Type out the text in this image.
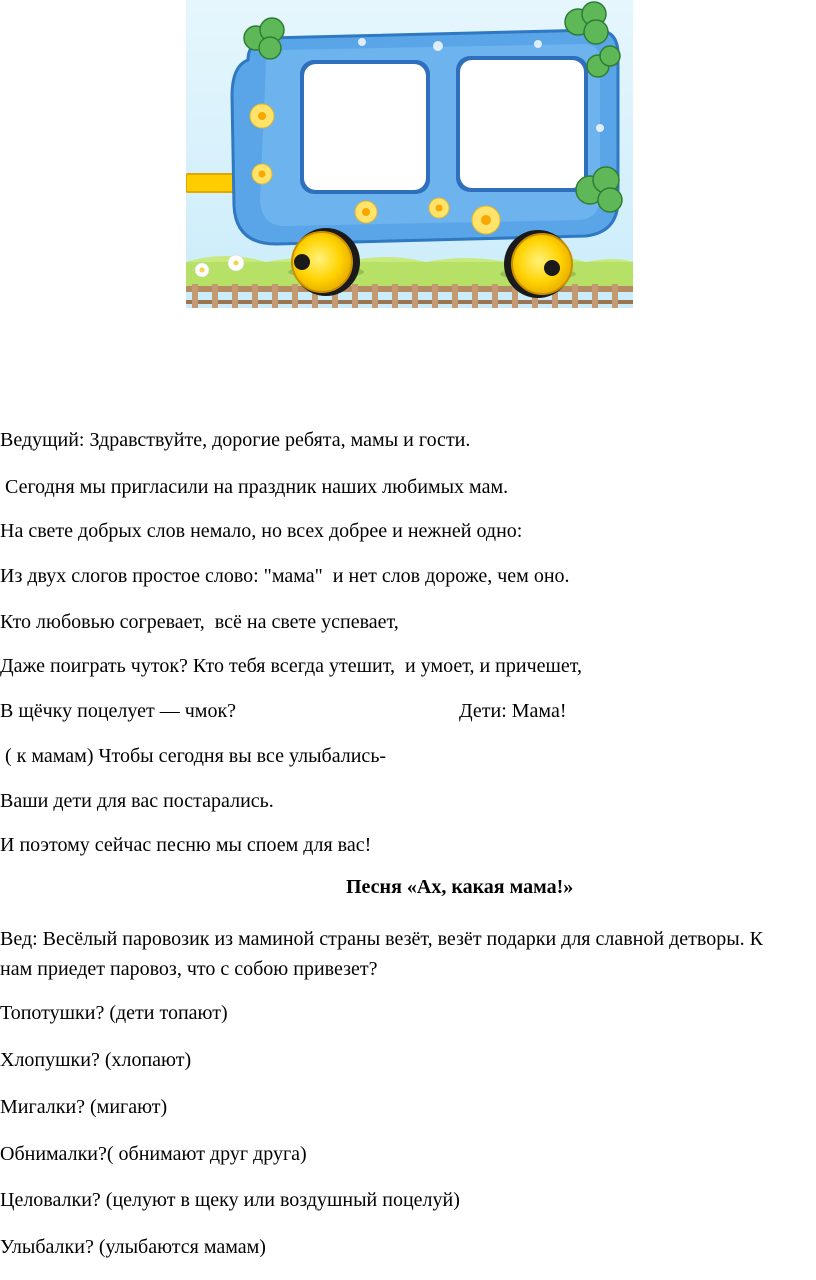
Ведущий: Здравствуйте, дорогие ребята, мамы и гости.
Сегодня мы пригласили на праздник наших любимых мам.
На свете добрых слов немало, но всех добрее и нежней одно:
Из двух слогов простое слово: "мама"  и нет слов дороже, чем оно.
Кто любовью согревает,  всё на свете успевает,
Даже поиграть чуток? Кто тебя всегда утешит,  и умоет, и причешет,
В щёчку поцелует — чмок?	Дети: Мама!
( к мамам) Чтобы сегодня вы все улыбались-
Ваши дети для вас постарались.
И поэтому сейчас песню мы споем для вас!
Песня «Ах, какая мама!»
Вед: Весёлый паровозик из маминой страны везёт, везёт подарки для славной детворы. К нам приедет паровоз, что с собою привезет?
Топотушки? (дети топают)
Хлопушки? (хлопают)
Мигалки? (мигают)
Обнималки?( обнимают друг друга)
Целовалки? (целуют в щеку или воздушный поцелуй)
Улыбалки? (улыбаются мамам)
